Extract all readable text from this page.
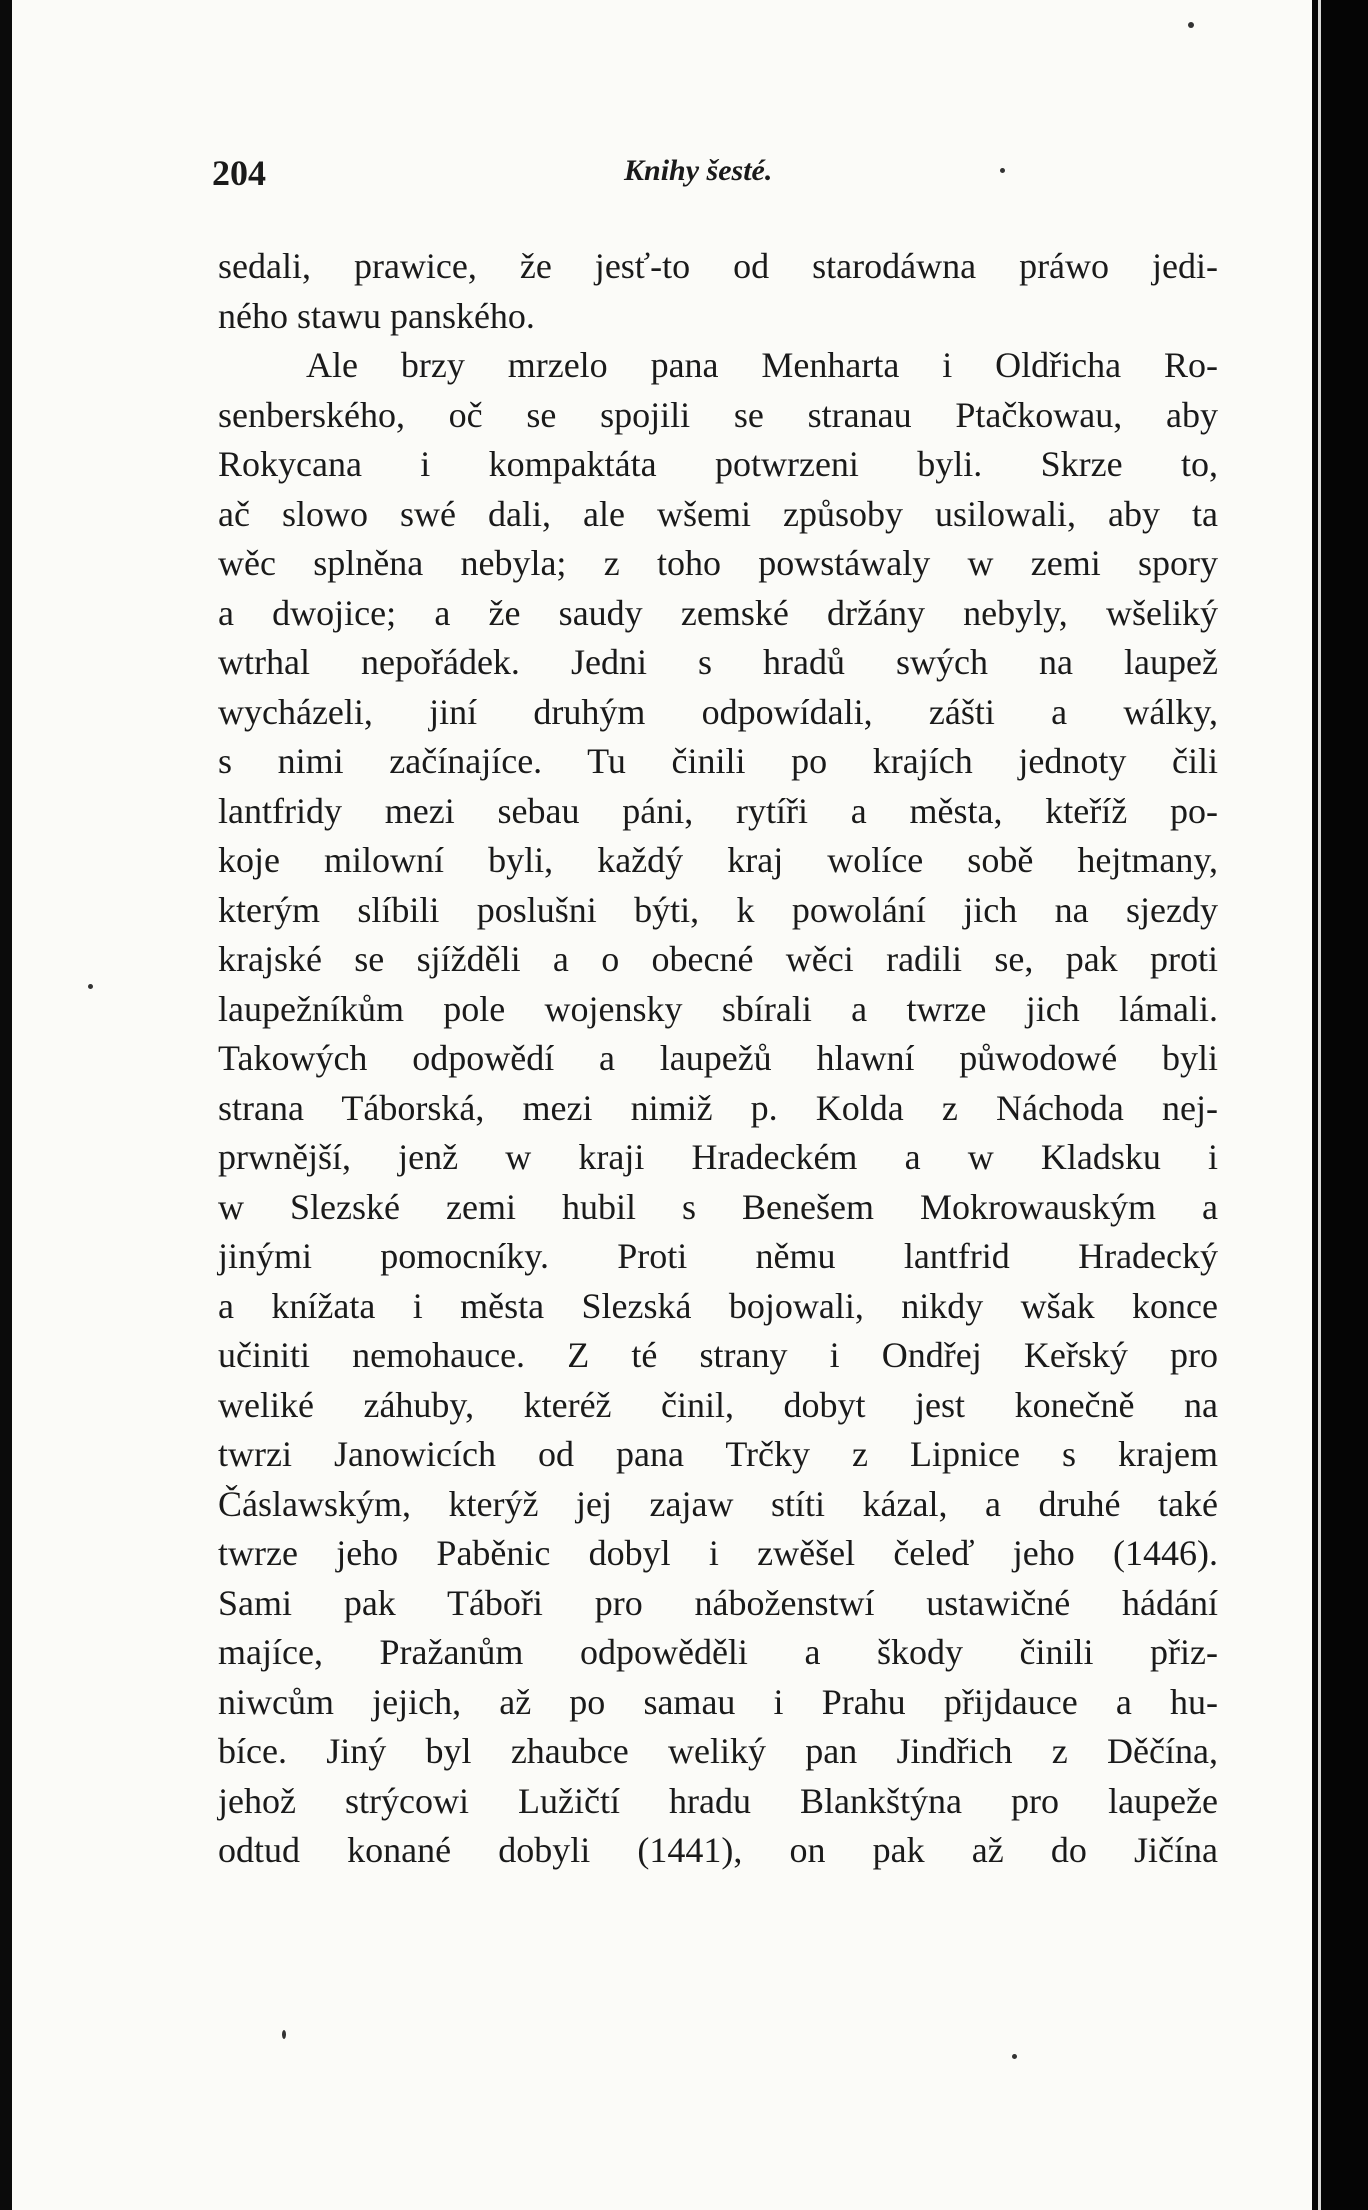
204	Knihy šesté.
sedali, prawice, že jesť-to od starodáwna práwo jedi-
ného stawu panského.
Ale brzy mrzelo pana Menharta i Oldřicha Ro-
senberského, oč se spojili se stranau Ptačkowau, aby
Rokycana i kompaktáta potwrzeni byli. Skrze to,
ač slowo swé dali, ale wšemi způsoby usilowali, aby ta
wěc splněna nebyla; z toho powstáwaly w zemi spory
a dwojice; a že saudy zemské držány nebyly, wšeliký
wtrhal nepořádek. Jedni s hradů swých na laupež
wycházeli, jiní druhým odpowídali, zášti a wálky,
s nimi začínajíce. Tu činili po krajích jednoty čili
lantfridy mezi sebau páni, rytíři a města, kteříž po-
koje milowní byli, každý kraj wolíce sobě hejtmany,
kterým slíbili poslušni býti, k powolání jich na sjezdy
krajské se sjížděli a o obecné wěci radili se, pak proti
laupežníkům pole wojensky sbírali a twrze jich lámali.
Takowých odpowědí a laupežů hlawní půwodowé byli
strana Táborská, mezi nimiž p. Kolda z Náchoda nej-
prwnější, jenž w kraji Hradeckém a w Kladsku i
w Slezské zemi hubil s Benešem Mokrowauským a
jinými pomocníky. Proti němu lantfrid Hradecký
a knížata i města Slezská bojowali, nikdy wšak konce
učiniti nemohauce. Z té strany i Ondřej Keřský pro
weliké záhuby, kteréž činil, dobyt jest konečně na
twrzi Janowicích od pana Trčky z Lipnice s krajem
Čáslawským, kterýž jej zajaw stíti kázal, a druhé také
twrze jeho Paběnic dobyl i zwěšel čeleď jeho (1446).
Sami pak Táboři pro náboženstwí ustawičné hádání
majíce, Pražanům odpowěděli a škody činili přiz-
niwcům jejich, až po samau i Prahu přijdauce a hu-
bíce. Jiný byl zhaubce weliký pan Jindřich z Děčína,
jehož strýcowi Lužičtí hradu Blankštýna pro laupeže
odtud konané dobyli (1441), on pak až do Jičína
